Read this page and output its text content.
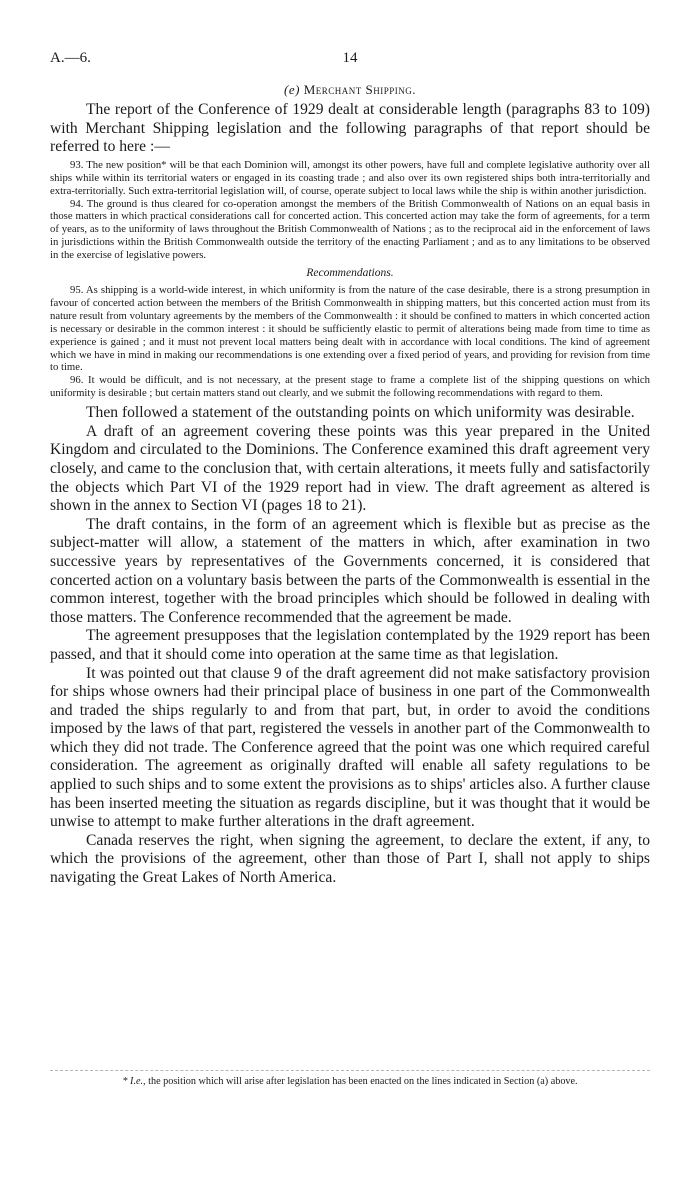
A.—6.	14
(e) Merchant Shipping.

The report of the Conference of 1929 dealt at considerable length (paragraphs 83 to 109) with Merchant Shipping legislation and the following paragraphs of that report should be referred to here :—

93. The new position* will be that each Dominion will, amongst its other powers, have full and complete legislative authority over all ships while within its territorial waters or engaged in its coasting trade ; and also over its own registered ships both intra-territorially and extra-territorially. Such extra-territorial legislation will, of course, operate subject to local laws while the ship is within another jurisdiction.

94. The ground is thus cleared for co-operation amongst the members of the British Commonwealth of Nations on an equal basis in those matters in which practical considerations call for concerted action. This concerted action may take the form of agreements, for a term of years, as to the uniformity of laws throughout the British Commonwealth of Nations ; as to the reciprocal aid in the enforcement of laws in jurisdictions within the British Commonwealth outside the territory of the enacting Parliament ; and as to any limitations to be observed in the exercise of legislative powers.

Recommendations.

95. As shipping is a world-wide interest, in which uniformity is from the nature of the case desirable, there is a strong presumption in favour of concerted action between the members of the British Commonwealth in shipping matters, but this concerted action must from its nature result from voluntary agreements by the members of the Commonwealth : it should be confined to matters in which concerted action is necessary or desirable in the common interest : it should be sufficiently elastic to permit of alterations being made from time to time as experience is gained ; and it must not prevent local matters being dealt with in accordance with local conditions. The kind of agreement which we have in mind in making our recommendations is one extending over a fixed period of years, and providing for revision from time to time.

96. It would be difficult, and is not necessary, at the present stage to frame a complete list of the shipping questions on which uniformity is desirable ; but certain matters stand out clearly, and we submit the following recommendations with regard to them.

Then followed a statement of the outstanding points on which uniformity was desirable.

A draft of an agreement covering these points was this year prepared in the United Kingdom and circulated to the Dominions. The Conference examined this draft agreement very closely, and came to the conclusion that, with certain alterations, it meets fully and satisfactorily the objects which Part VI of the 1929 report had in view. The draft agreement as altered is shown in the annex to Section VI (pages 18 to 21).

The draft contains, in the form of an agreement which is flexible but as precise as the subject-matter will allow, a statement of the matters in which, after examination in two successive years by representatives of the Governments concerned, it is considered that concerted action on a voluntary basis between the parts of the Commonwealth is essential in the common interest, together with the broad principles which should be followed in dealing with those matters. The Conference recommended that the agreement be made.

The agreement presupposes that the legislation contemplated by the 1929 report has been passed, and that it should come into operation at the same time as that legislation.

It was pointed out that clause 9 of the draft agreement did not make satisfactory provision for ships whose owners had their principal place of business in one part of the Commonwealth and traded the ships regularly to and from that part, but, in order to avoid the conditions imposed by the laws of that part, registered the vessels in another part of the Commonwealth to which they did not trade. The Conference agreed that the point was one which required careful consideration. The agreement as originally drafted will enable all safety regulations to be applied to such ships and to some extent the provisions as to ships' articles also. A further clause has been inserted meeting the situation as regards discipline, but it was thought that it would be unwise to attempt to make further alterations in the draft agreement.

Canada reserves the right, when signing the agreement, to declare the extent, if any, to which the provisions of the agreement, other than those of Part I, shall not apply to ships navigating the Great Lakes of North America.

* I.e., the position which will arise after legislation has been enacted on the lines indicated in Section (a) above.
